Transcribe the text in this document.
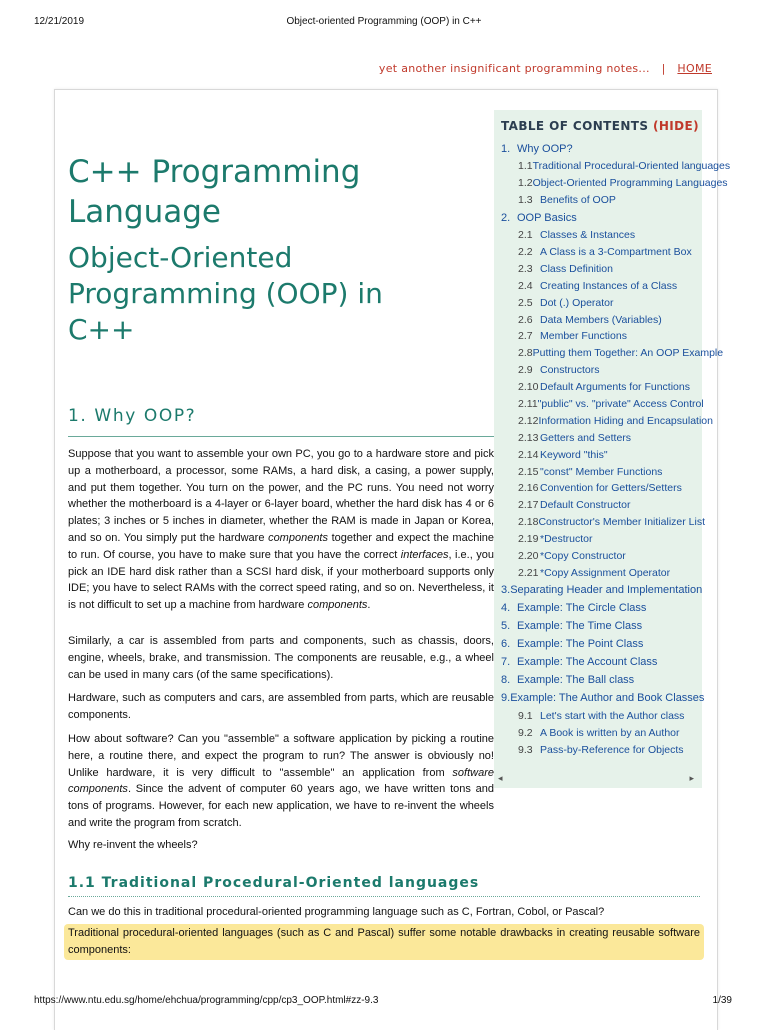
12/21/2019	Object-oriented Programming (OOP) in C++
yet another insignificant programming notes... | HOME
C++ Programming Language
Object-Oriented Programming (OOP) in C++
1. Why OOP?
Suppose that you want to assemble your own PC, you go to a hardware store and pick up a motherboard, a processor, some RAMs, a hard disk, a casing, a power supply, and put them together. You turn on the power, and the PC runs. You need not worry whether the motherboard is a 4-layer or 6-layer board, whether the hard disk has 4 or 6 plates; 3 inches or 5 inches in diameter, whether the RAM is made in Japan or Korea, and so on. You simply put the hardware components together and expect the machine to run. Of course, you have to make sure that you have the correct interfaces, i.e., you pick an IDE hard disk rather than a SCSI hard disk, if your motherboard supports only IDE; you have to select RAMs with the correct speed rating, and so on. Nevertheless, it is not difficult to set up a machine from hardware components.
Similarly, a car is assembled from parts and components, such as chassis, doors, engine, wheels, brake, and transmission. The components are reusable, e.g., a wheel can be used in many cars (of the same specifications).
Hardware, such as computers and cars, are assembled from parts, which are reusable components.
How about software? Can you "assemble" a software application by picking a routine here, a routine there, and expect the program to run? The answer is obviously no! Unlike hardware, it is very difficult to "assemble" an application from software components. Since the advent of computer 60 years ago, we have written tons and tons of programs. However, for each new application, we have to re-invent the wheels and write the program from scratch.
Why re-invent the wheels?
1.1 Traditional Procedural-Oriented languages
Can we do this in traditional procedural-oriented programming language such as C, Fortran, Cobol, or Pascal?
Traditional procedural-oriented languages (such as C and Pascal) suffer some notable drawbacks in creating reusable software components:
TABLE OF CONTENTS (HIDE)
1. Why OOP?
1.1 Traditional Procedural-Oriented languages
1.2 Object-Oriented Programming Languages
1.3 Benefits of OOP
2. OOP Basics
2.1 Classes & Instances
2.2 A Class is a 3-Compartment Box
2.3 Class Definition
2.4 Creating Instances of a Class
2.5 Dot (.) Operator
2.6 Data Members (Variables)
2.7 Member Functions
2.8 Putting them Together: An OOP Example
2.9 Constructors
2.10 Default Arguments for Functions
2.11 "public" vs. "private" Access Control
2.12 Information Hiding and Encapsulation
2.13 Getters and Setters
2.14 Keyword "this"
2.15 "const" Member Functions
2.16 Convention for Getters/Setters
2.17 Default Constructor
2.18 Constructor's Member Initializer List
2.19 *Destructor
2.20 *Copy Constructor
2.21 *Copy Assignment Operator
3. Separating Header and Implementation
4. Example: The Circle Class
5. Example: The Time Class
6. Example: The Point Class
7. Example: The Account Class
8. Example: The Ball class
9. Example: The Author and Book Classes
9.1 Let's start with the Author class
9.2 A Book is written by an Author
9.3 Pass-by-Reference for Objects
◂	▸
https://www.ntu.edu.sg/home/ehchua/programming/cpp/cp3_OOP.html#zz-9.3	1/39
